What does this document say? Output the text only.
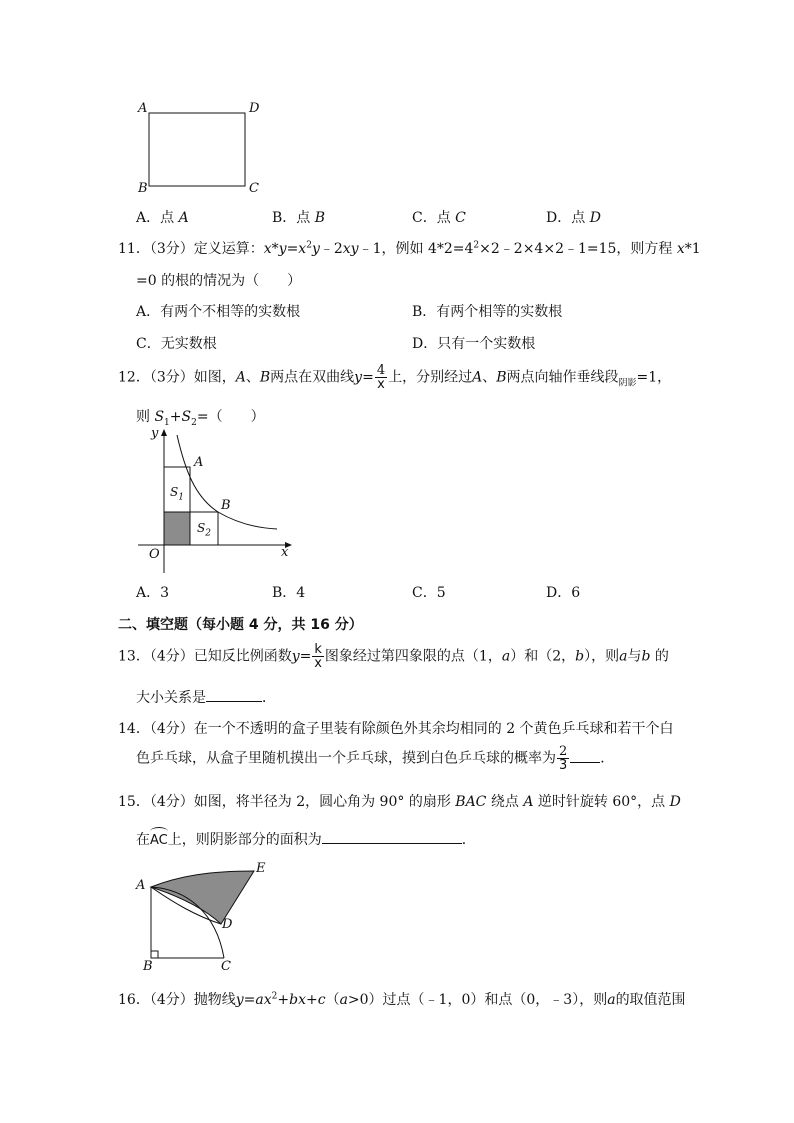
A	D
B	C
A．点 A	B．点 B	C．点 C	D．点 D
11．（3分）定义运算：$x*y=x^2y﹣2xy﹣1$，例如 $4*2=4^2\times 2﹣2\times 4\times 2﹣1=15$，则方程 x*1
=0 的根的情况为（　　）
A．有两个不相等的实数根	B．有两个相等的实数根
C．无实数根	D．只有一个实数根
12．（3分）如图，A、B两点在双曲线$y= \frac{4}{x}$ 上，分别经过A、B两点向轴作垂线段$_{阴影}$=1，
则 $S_1+S_2=$（　　）
y
x
O
A
B
$S_1$
$S_2$
A．3	B．4	C．5	D．6
二、填空题（每小题 4 分，共 16 分）
13．（4分）已知反比例函数$y= \frac{k}{x}$ 图象经过第四象限的点（1，a）和（2，b），则a与b 的
大小关系是	．
14．（4分）在一个不透明的盒子里装有除颜色外其余均相同的 2 个黄色乒乓球和若干个白
色乒乓球，从盒子里随机摸出一个乒乓球，摸到白色乒乓球的概率为 $\frac{2}{3}$ ．
15．（4分）如图，将半径为 2，圆心角为 90° 的扇形 BAC 绕点 A 逆时针旋转 60°，点 D
在AC上，则阴影部分的面积为	．
A
E
D
B	C
16．（4分）抛物线$y=ax^2+bx+c(a>0)$过点（﹣1，0）和点（0，﹣3），则a的取值范围
